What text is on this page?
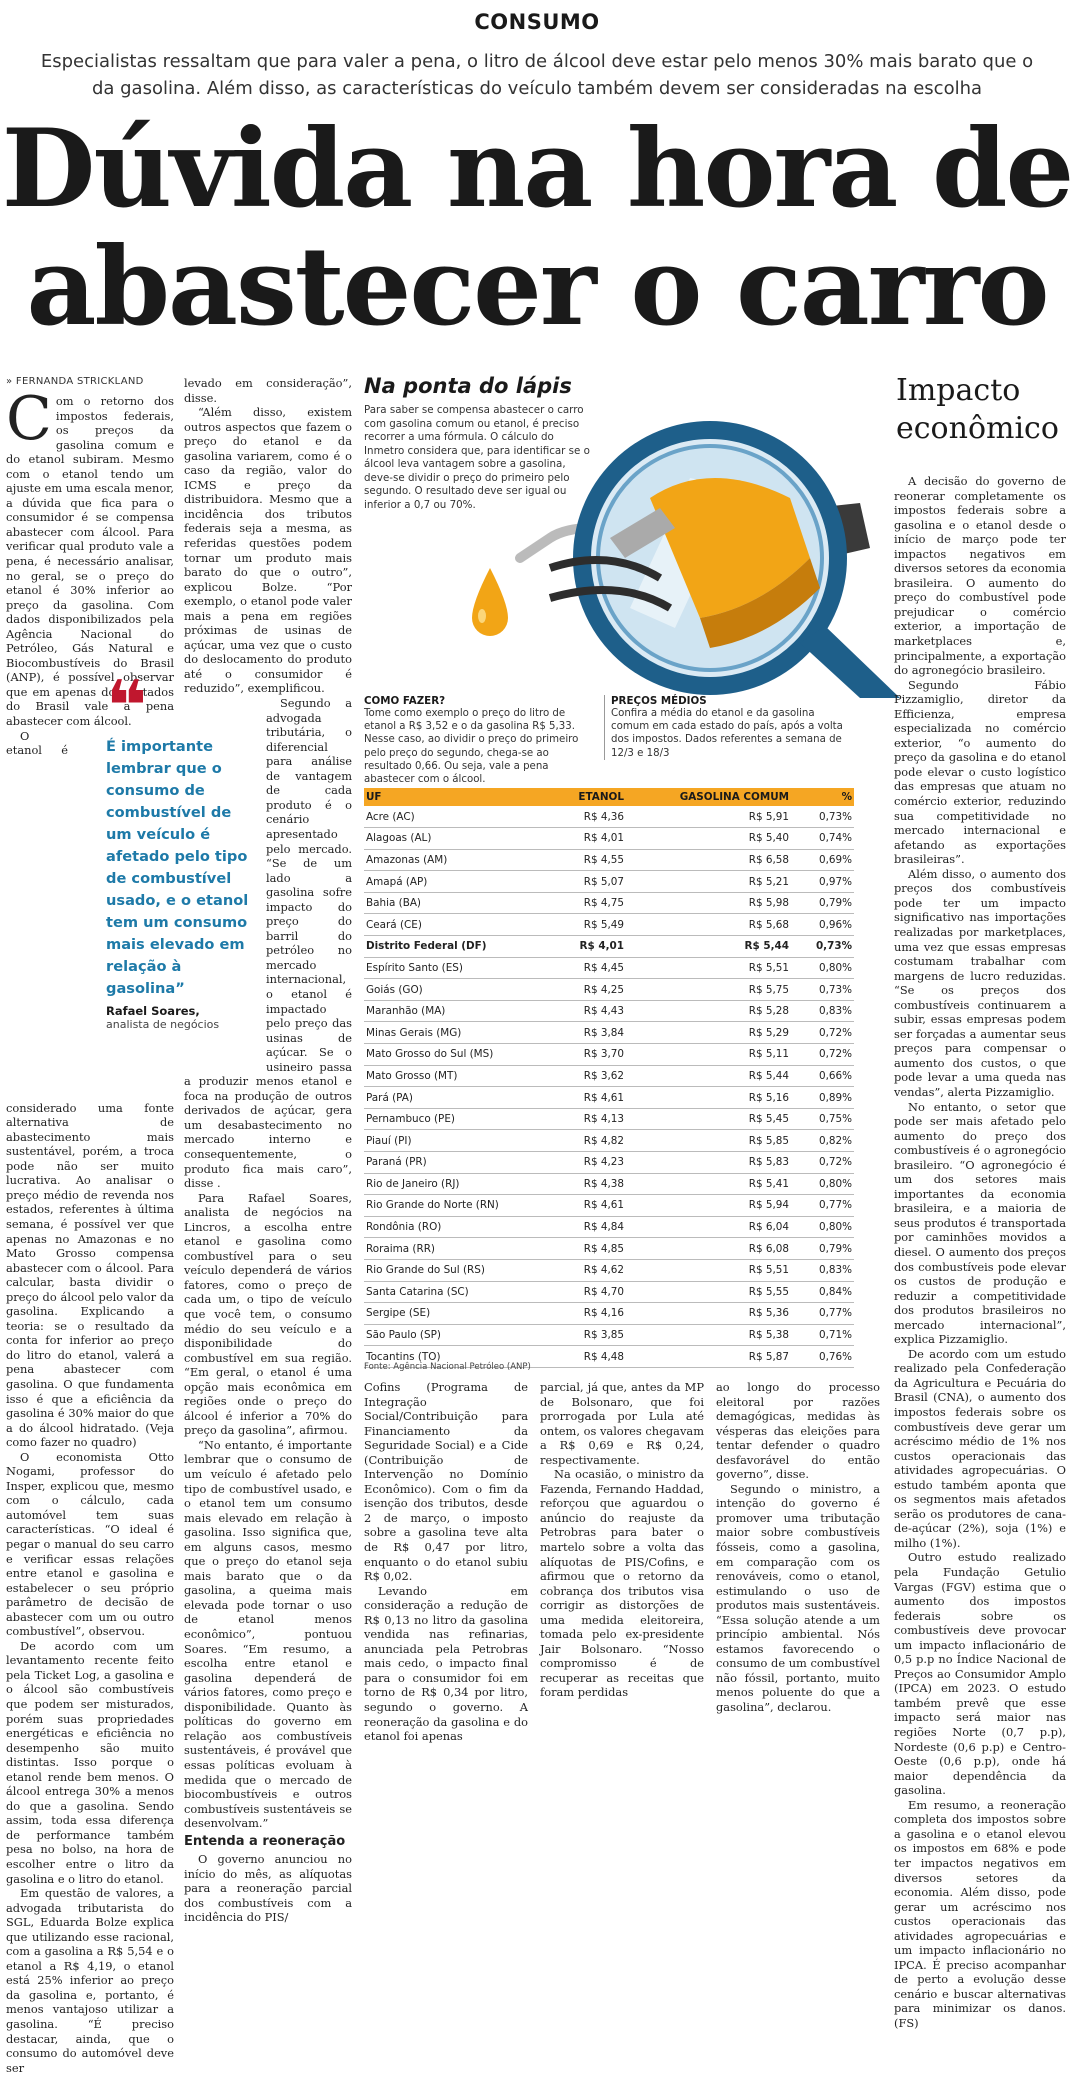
CONSUMO
Especialistas ressaltam que para valer a pena, o litro de álcool deve estar pelo menos 30% mais barato que o da gasolina. Além disso, as características do veículo também devem ser consideradas na escolha
Dúvida na hora de
abastecer o carro
» FERNANDA STRICKLAND

Com o retorno dos impostos federais, os preços da gasolina comum e do etanol subiram. Mesmo com o etanol tendo um ajuste em uma escala menor, a dúvida que fica para o consumidor é se compensa abastecer com álcool. Para verificar qual produto vale a pena, é necessário analisar, no geral, se o preço do etanol é 30% inferior ao preço da gasolina. Com dados disponibilizados pela Agência Nacional do Petróleo, Gás Natural e Biocombustíveis do Brasil (ANP), é possível observar que em apenas dois estados do Brasil vale a pena abastecer com álcool.

O etanol é considerado uma fonte alternativa de abastecimento mais sustentável, porém, a troca pode não ser muito lucrativa. Ao analisar o preço médio de revenda nos estados, referentes à última semana, é possível ver que apenas no Amazonas e no Mato Grosso compensa abastecer com o álcool. Para calcular, basta dividir o preço do álcool pelo valor da gasolina. Explicando a teoria: se o resultado da conta for inferior ao preço do litro do etanol, valerá a pena abastecer com gasolina. O que fundamenta isso é que a eficiência da gasolina é 30% maior do que a do álcool hidratado. (Veja como fazer no quadro)

O economista Otto Nogami, professor do Insper, explicou que, mesmo com o cálculo, cada automóvel tem suas características. “O ideal é pegar o manual do seu carro e verificar essas relações entre etanol e gasolina e estabelecer o seu próprio parâmetro de decisão de abastecer com um ou outro combustível”, observou.

De acordo com um levantamento recente feito pela Ticket Log, a gasolina e o álcool são combustíveis que podem ser misturados, porém suas propriedades energéticas e eficiência no desempenho são muito distintas. Isso porque o etanol rende bem menos. O álcool entrega 30% a menos do que a gasolina. Sendo assim, toda essa diferença de performance também pesa no bolso, na hora de escolher entre o litro da gasolina e o litro do etanol.

Em questão de valores, a advogada tributarista do SGL, Eduarda Bolze explica que utilizando esse racional, com a gasolina a R$ 5,54 e o etanol a R$ 4,19, o etanol está 25% inferior ao preço da gasolina e, portanto, é menos vantajoso utilizar a gasolina. “É preciso destacar, ainda, que o consumo do automóvel deve ser

❝
É importante lembrar que o consumo de combustível de um veículo é afetado pelo tipo de combustível usado, e o etanol tem um consumo mais elevado em relação à gasolina”
Rafael Soares,
analista de negócios

levado em consideração”, disse.

“Além disso, existem outros aspectos que fazem o preço do etanol e da gasolina variarem, como é o caso da região, valor do ICMS e preço da distribuidora. Mesmo que a incidência dos tributos federais seja a mesma, as referidas questões podem tornar um produto mais barato do que o outro”, explicou Bolze. “Por exemplo, o etanol pode valer mais a pena em regiões próximas de usinas de açúcar, uma vez que o custo do deslocamento do produto até o consumidor é reduzido”, exemplificou.

Segundo a advogada tributária, o diferencial para análise de vantagem de cada produto é o cenário apresentado pelo mercado. “Se de um lado a gasolina sofre impacto do preço do barril do petróleo no mercado internacional, o etanol é impactado pelo preço das usinas de açúcar. Se o usineiro passa a produzir menos etanol e foca na produção de outros derivados de açúcar, gera um desabastecimento no mercado interno e consequentemente, o produto fica mais caro”, disse .

Para Rafael Soares, analista de negócios na Lincros, a escolha entre etanol e gasolina como combustível para o seu veículo dependerá de vários fatores, como o preço de cada um, o tipo de veículo que você tem, o consumo médio do seu veículo e a disponibilidade do combustível em sua região. “Em geral, o etanol é uma opção mais econômica em regiões onde o preço do álcool é inferior a 70% do preço da gasolina”, afirmou.

“No entanto, é importante lembrar que o consumo de um veículo é afetado pelo tipo de combustível usado, e o etanol tem um consumo mais elevado em relação à gasolina. Isso significa que, em alguns casos, mesmo que o preço do etanol seja mais barato que o da gasolina, a queima mais elevada pode tornar o uso de etanol menos econômico”, pontuou Soares. “Em resumo, a escolha entre etanol e gasolina dependerá de vários fatores, como preço e disponibilidade. Quanto às políticas do governo em relação aos combustíveis sustentáveis, é provável que essas políticas evoluam à medida que o mercado de biocombustíveis e outros combustíveis sustentáveis se desenvolvam.”

Entenda a reoneração

O governo anunciou no início do mês, as alíquotas para a reoneração parcial dos combustíveis com a incidência do PIS/

Na ponta do lápis
Para saber se compensa abastecer o carro com gasolina comum ou etanol, é preciso recorrer a uma fórmula. O cálculo do Inmetro considera que, para identificar se o álcool leva vantagem sobre a gasolina, deve-se dividir o preço do primeiro pelo segundo. O resultado deve ser igual ou inferior a 0,7 ou 70%.
COMO FAZER?
Tome como exemplo o preço do litro de etanol a R$ 3,52 e o da gasolina R$ 5,33. Nesse caso, ao dividir o preço do primeiro pelo preço do segundo, chega-se ao resultado 0,66. Ou seja, vale a pena abastecer com o álcool.
PREÇOS MÉDIOS
Confira a média do etanol e da gasolina comum em cada estado do país, após a volta dos impostos. Dados referentes a semana de 12/3 e 18/3
UF	ETANOL	GASOLINA COMUM	%
Acre (AC)	R$ 4,36	R$ 5,91	0,73%
Alagoas (AL)	R$ 4,01	R$ 5,40	0,74%
Amazonas (AM)	R$ 4,55	R$ 6,58	0,69%
Amapá (AP)	R$ 5,07	R$ 5,21	0,97%
Bahia (BA)	R$ 4,75	R$ 5,98	0,79%
Ceará (CE)	R$ 5,49	R$ 5,68	0,96%
Distrito Federal (DF)	R$ 4,01	R$ 5,44	0,73%
Espírito Santo (ES)	R$ 4,45	R$ 5,51	0,80%
Goiás (GO)	R$ 4,25	R$ 5,75	0,73%
Maranhão (MA)	R$ 4,43	R$ 5,28	0,83%
Minas Gerais (MG)	R$ 3,84	R$ 5,29	0,72%
Mato Grosso do Sul (MS)	R$ 3,70	R$ 5,11	0,72%
Mato Grosso (MT)	R$ 3,62	R$ 5,44	0,66%
Pará (PA)	R$ 4,61	R$ 5,16	0,89%
Pernambuco (PE)	R$ 4,13	R$ 5,45	0,75%
Piauí (PI)	R$ 4,82	R$ 5,85	0,82%
Paraná (PR)	R$ 4,23	R$ 5,83	0,72%
Rio de Janeiro (RJ)	R$ 4,38	R$ 5,41	0,80%
Rio Grande do Norte (RN)	R$ 4,61	R$ 5,94	0,77%
Rondônia (RO)	R$ 4,84	R$ 6,04	0,80%
Roraima (RR)	R$ 4,85	R$ 6,08	0,79%
Rio Grande do Sul (RS)	R$ 4,62	R$ 5,51	0,83%
Santa Catarina (SC)	R$ 4,70	R$ 5,55	0,84%
Sergipe (SE)	R$ 4,16	R$ 5,36	0,77%
São Paulo (SP)	R$ 3,85	R$ 5,38	0,71%
Tocantins (TO)	R$ 4,48	R$ 5,87	0,76%
Fonte: Agência Nacional Petróleo (ANP)

Cofins (Programa de Integração Social/Contribuição para Financiamento da Seguridade Social) e a Cide (Contribuição de Intervenção no Domínio Econômico). Com o fim da isenção dos tributos, desde 2 de março, o imposto sobre a gasolina teve alta de R$ 0,47 por litro, enquanto o do etanol subiu R$ 0,02.

Levando em consideração a redução de R$ 0,13 no litro da gasolina vendida nas refinarias, anunciada pela Petrobras mais cedo, o impacto final para o consumidor foi em torno de R$ 0,34 por litro, segundo o governo. A reoneração da gasolina e do etanol foi apenas

parcial, já que, antes da MP de Bolsonaro, que foi prorrogada por Lula até ontem, os valores chegavam a R$ 0,69 e R$ 0,24, respectivamente.

Na ocasião, o ministro da Fazenda, Fernando Haddad, reforçou que aguardou o anúncio do reajuste da Petrobras para bater o martelo sobre a volta das alíquotas de PIS/Cofins, e afirmou que o retorno da cobrança dos tributos visa corrigir as distorções de uma medida eleitoreira, tomada pelo ex-presidente Jair Bolsonaro. “Nosso compromisso é de recuperar as receitas que foram perdidas

ao longo do processo eleitoral por razões demagógicas, medidas às vésperas das eleições para tentar defender o quadro desfavorável do então governo”, disse.

Segundo o ministro, a intenção do governo é promover uma tributação maior sobre combustíveis fósseis, como a gasolina, em comparação com os renováveis, como o etanol, estimulando o uso de produtos mais sustentáveis. “Essa solução atende a um princípio ambiental. Nós estamos favorecendo o consumo de um combustível não fóssil, portanto, muito menos poluente do que a gasolina”, declarou.

Impacto econômico

A decisão do governo de reonerar completamente os impostos federais sobre a gasolina e o etanol desde o início de março pode ter impactos negativos em diversos setores da economia brasileira. O aumento do preço do combustível pode prejudicar o comércio exterior, a importação de marketplaces e, principalmente, a exportação do agronegócio brasileiro.

Segundo Fábio Pizzamiglio, diretor da Efficienza, empresa especializada no comércio exterior, “o aumento do preço da gasolina e do etanol pode elevar o custo logístico das empresas que atuam no comércio exterior, reduzindo sua competitividade no mercado internacional e afetando as exportações brasileiras”.

Além disso, o aumento dos preços dos combustíveis pode ter um impacto significativo nas importações realizadas por marketplaces, uma vez que essas empresas costumam trabalhar com margens de lucro reduzidas. “Se os preços dos combustíveis continuarem a subir, essas empresas podem ser forçadas a aumentar seus preços para compensar o aumento dos custos, o que pode levar a uma queda nas vendas”, alerta Pizzamiglio.

No entanto, o setor que pode ser mais afetado pelo aumento do preço dos combustíveis é o agronegócio brasileiro. “O agronegócio é um dos setores mais importantes da economia brasileira, e a maioria de seus produtos é transportada por caminhões movidos a diesel. O aumento dos preços dos combustíveis pode elevar os custos de produção e reduzir a competitividade dos produtos brasileiros no mercado internacional”, explica Pizzamiglio.

De acordo com um estudo realizado pela Confederação da Agricultura e Pecuária do Brasil (CNA), o aumento dos impostos federais sobre os combustíveis deve gerar um acréscimo médio de 1% nos custos operacionais das atividades agropecuárias. O estudo também aponta que os segmentos mais afetados serão os produtores de cana-de-açúcar (2%), soja (1%) e milho (1%).

Outro estudo realizado pela Fundação Getulio Vargas (FGV) estima que o aumento dos impostos federais sobre os combustíveis deve provocar um impacto inflacionário de 0,5 p.p no Índice Nacional de Preços ao Consumidor Amplo (IPCA) em 2023. O estudo também prevê que esse impacto será maior nas regiões Norte (0,7 p.p), Nordeste (0,6 p.p) e Centro-Oeste (0,6 p.p), onde há maior dependência da gasolina.

Em resumo, a reoneração completa dos impostos sobre a gasolina e o etanol elevou os impostos em 68% e pode ter impactos negativos em diversos setores da economia. Além disso, pode gerar um acréscimo nos custos operacionais das atividades agropecuárias e um impacto inflacionário no IPCA. É preciso acompanhar de perto a evolução desse cenário e buscar alternativas para minimizar os danos. (FS)
